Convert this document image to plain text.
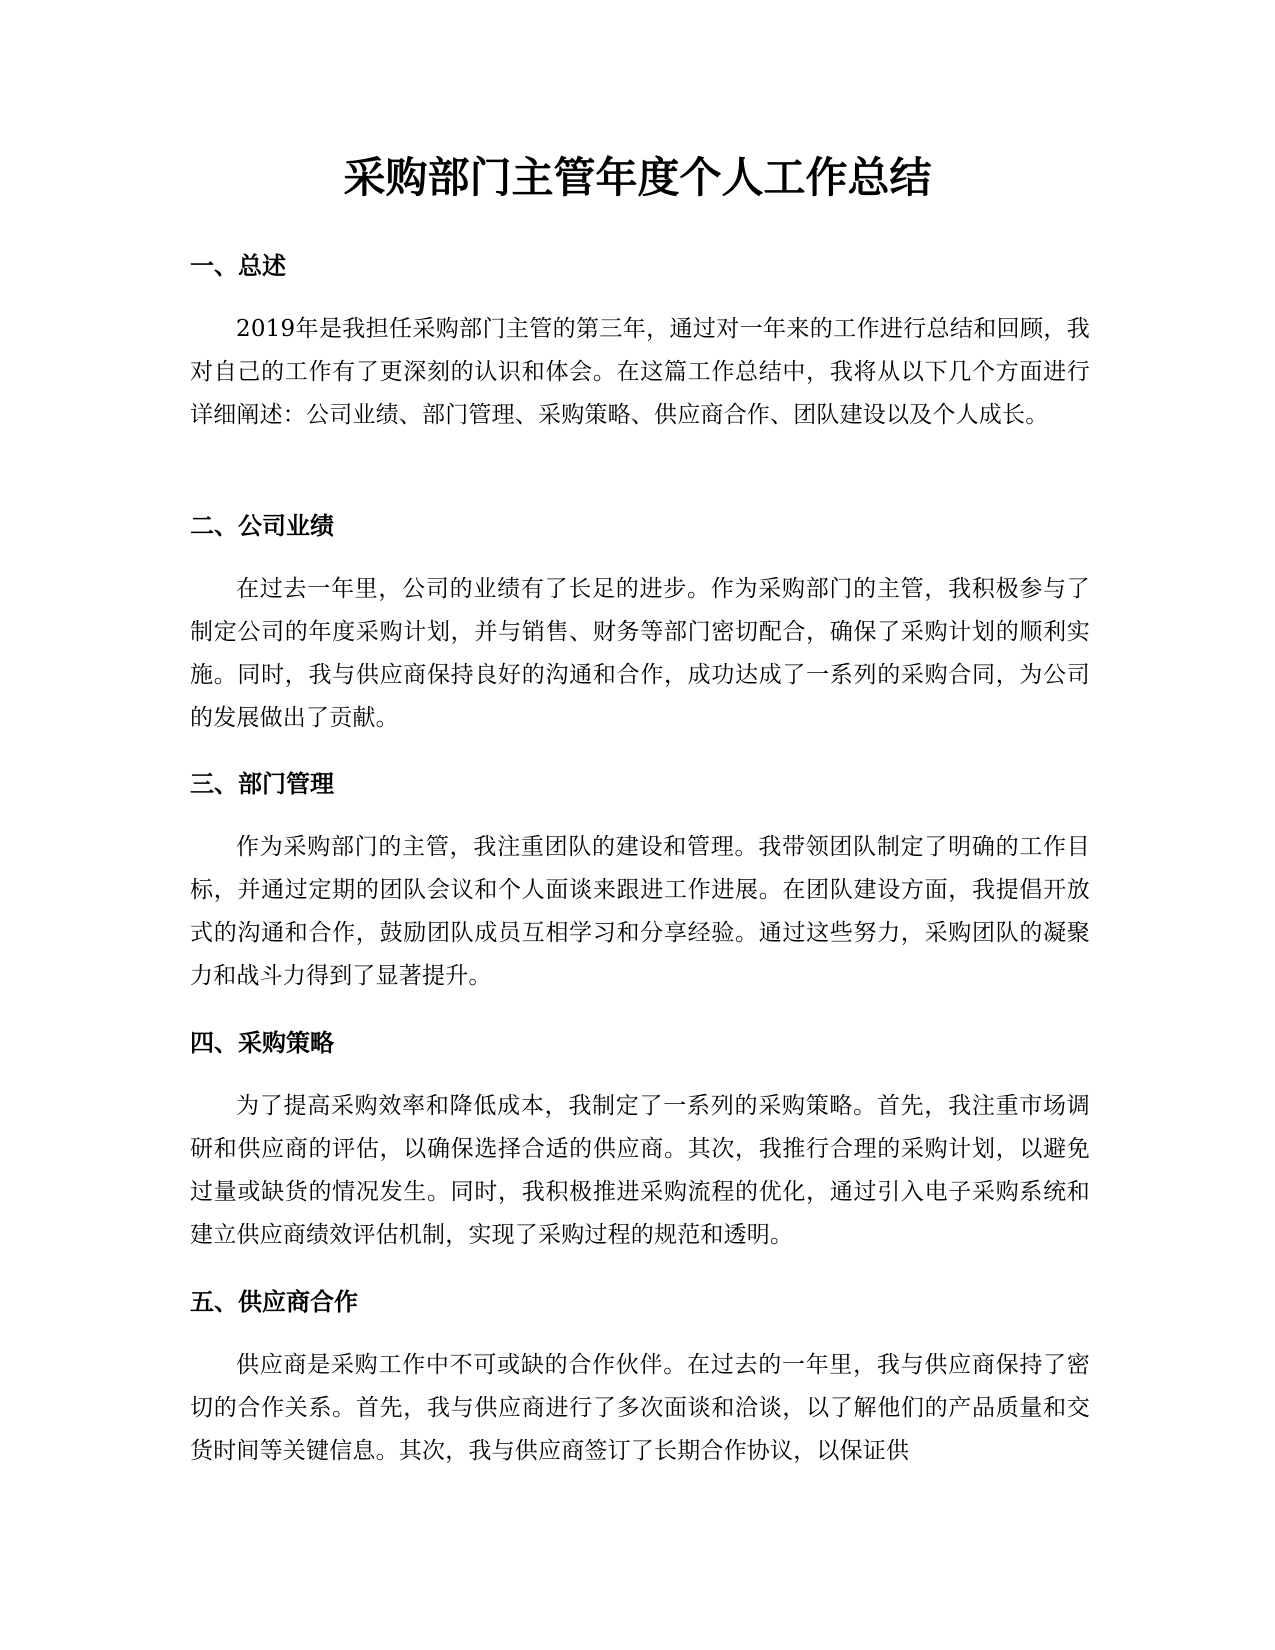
采购部门主管年度个人工作总结
一、总述

2019年是我担任采购部门主管的第三年，通过对一年来的工作进行总结和回顾，我对自己的工作有了更深刻的认识和体会。在这篇工作总结中，我将从以下几个方面进行详细阐述：公司业绩、部门管理、采购策略、供应商合作、团队建设以及个人成长。

二、公司业绩

在过去一年里，公司的业绩有了长足的进步。作为采购部门的主管，我积极参与了制定公司的年度采购计划，并与销售、财务等部门密切配合，确保了采购计划的顺利实施。同时，我与供应商保持良好的沟通和合作，成功达成了一系列的采购合同，为公司的发展做出了贡献。

三、部门管理

作为采购部门的主管，我注重团队的建设和管理。我带领团队制定了明确的工作目标，并通过定期的团队会议和个人面谈来跟进工作进展。在团队建设方面，我提倡开放式的沟通和合作，鼓励团队成员互相学习和分享经验。通过这些努力，采购团队的凝聚力和战斗力得到了显著提升。

四、采购策略

为了提高采购效率和降低成本，我制定了一系列的采购策略。首先，我注重市场调研和供应商的评估，以确保选择合适的供应商。其次，我推行合理的采购计划，以避免过量或缺货的情况发生。同时，我积极推进采购流程的优化，通过引入电子采购系统和建立供应商绩效评估机制，实现了采购过程的规范和透明。

五、供应商合作

供应商是采购工作中不可或缺的合作伙伴。在过去的一年里，我与供应商保持了密切的合作关系。首先，我与供应商进行了多次面谈和洽谈，以了解他们的产品质量和交货时间等关键信息。其次，我与供应商签订了长期合作协议，以保证供
